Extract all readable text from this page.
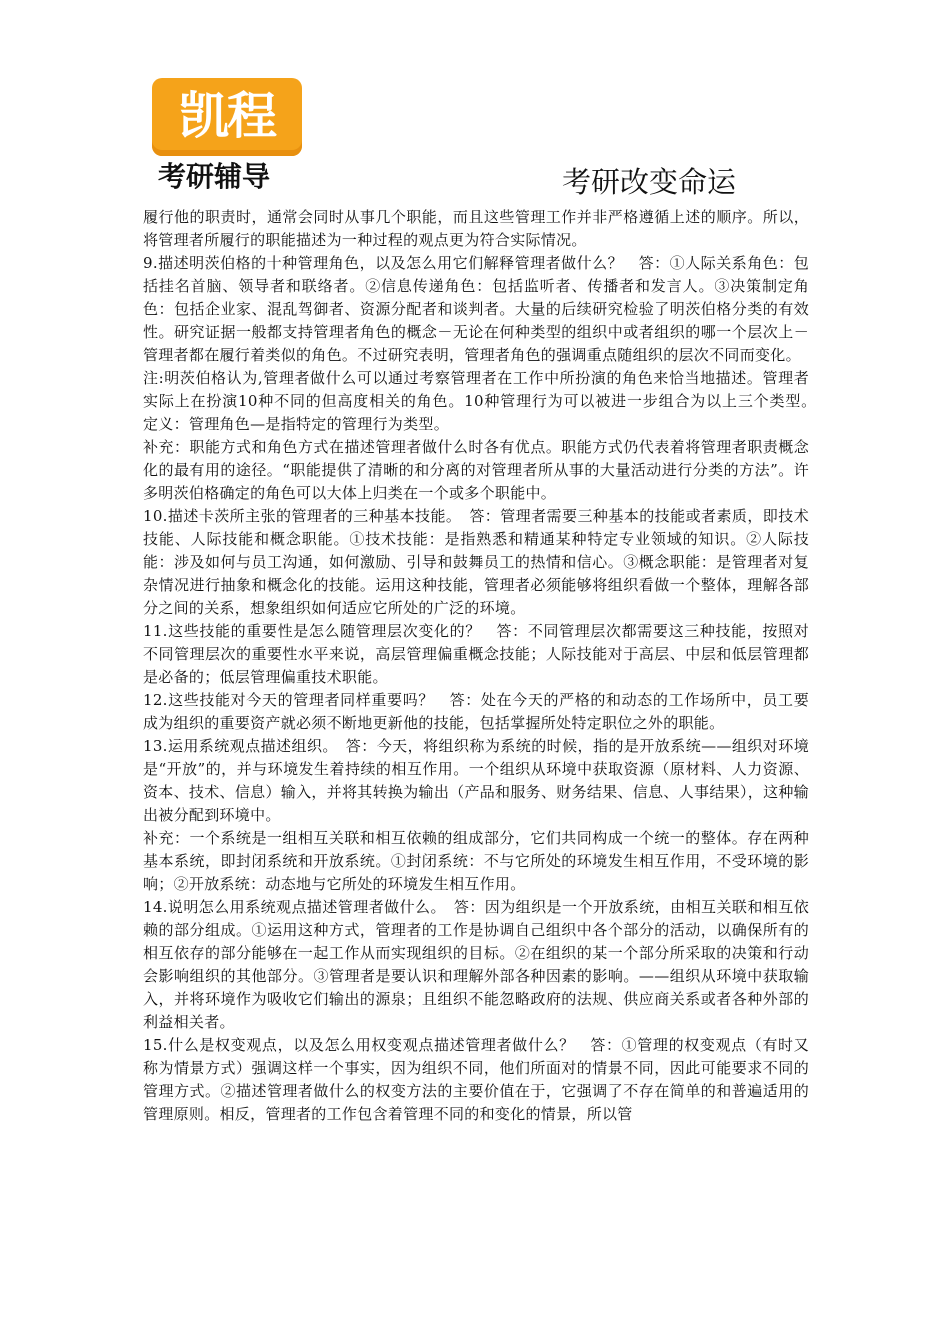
凯程
考研辅导	考研改变命运

履行他的职责时，通常会同时从事几个职能，而且这些管理工作并非严格遵循上述的顺序。所以，将管理者所履行的职能描述为一种过程的观点更为符合实际情况。

9.描述明茨伯格的十种管理角色，以及怎么用它们解释管理者做什么？　答：①人际关系角色：包括挂名首脑、领导者和联络者。②信息传递角色：包括监听者、传播者和发言人。③决策制定角色：包括企业家、混乱驾御者、资源分配者和谈判者。大量的后续研究检验了明茨伯格分类的有效性。研究证据一般都支持管理者角色的概念－无论在何种类型的组织中或者组织的哪一个层次上－管理者都在履行着类似的角色。不过研究表明，管理者角色的强调重点随组织的层次不同而变化。

注:明茨伯格认为,管理者做什么可以通过考察管理者在工作中所扮演的角色来恰当地描述。管理者实际上在扮演10种不同的但高度相关的角色。10种管理行为可以被进一步组合为以上三个类型。　定义：管理角色—是指特定的管理行为类型。

补充：职能方式和角色方式在描述管理者做什么时各有优点。职能方式仍代表着将管理者职责概念化的最有用的途径。“职能提供了清晰的和分离的对管理者所从事的大量活动进行分类的方法”。许多明茨伯格确定的角色可以大体上归类在一个或多个职能中。

10.描述卡茨所主张的管理者的三种基本技能。　答：管理者需要三种基本的技能或者素质，即技术技能、人际技能和概念职能。①技术技能：是指熟悉和精通某种特定专业领域的知识。②人际技能：涉及如何与员工沟通，如何激励、引导和鼓舞员工的热情和信心。③概念职能：是管理者对复杂情况进行抽象和概念化的技能。运用这种技能，管理者必须能够将组织看做一个整体，理解各部分之间的关系，想象组织如何适应它所处的广泛的环境。

11.这些技能的重要性是怎么随管理层次变化的？　答：不同管理层次都需要这三种技能，按照对不同管理层次的重要性水平来说，高层管理偏重概念技能；人际技能对于高层、中层和低层管理都是必备的；低层管理偏重技术职能。

12.这些技能对今天的管理者同样重要吗？　答：处在今天的严格的和动态的工作场所中，员工要成为组织的重要资产就必须不断地更新他的技能，包括掌握所处特定职位之外的职能。

13.运用系统观点描述组织。　答：今天，将组织称为系统的时候，指的是开放系统——组织对环境是“开放”的，并与环境发生着持续的相互作用。一个组织从环境中获取资源（原材料、人力资源、资本、技术、信息）输入，并将其转换为输出（产品和服务、财务结果、信息、人事结果），这种输出被分配到环境中。

补充：一个系统是一组相互关联和相互依赖的组成部分，它们共同构成一个统一的整体。存在两种基本系统，即封闭系统和开放系统。①封闭系统：不与它所处的环境发生相互作用，不受环境的影响；②开放系统：动态地与它所处的环境发生相互作用。

14.说明怎么用系统观点描述管理者做什么。　答：因为组织是一个开放系统，由相互关联和相互依赖的部分组成。①运用这种方式，管理者的工作是协调自己组织中各个部分的活动，以确保所有的相互依存的部分能够在一起工作从而实现组织的目标。②在组织的某一个部分所采取的决策和行动会影响组织的其他部分。③管理者是要认识和理解外部各种因素的影响。——组织从环境中获取输入，并将环境作为吸收它们输出的源泉；且组织不能忽略政府的法规、供应商关系或者各种外部的利益相关者。

15.什么是权变观点，以及怎么用权变观点描述管理者做什么？　答：①管理的权变观点（有时又称为情景方式）强调这样一个事实，因为组织不同，他们所面对的情景不同，因此可能要求不同的管理方式。②描述管理者做什么的权变方法的主要价值在于，它强调了不存在简单的和普遍适用的管理原则。相反，管理者的工作包含着管理不同的和变化的情景，所以管
